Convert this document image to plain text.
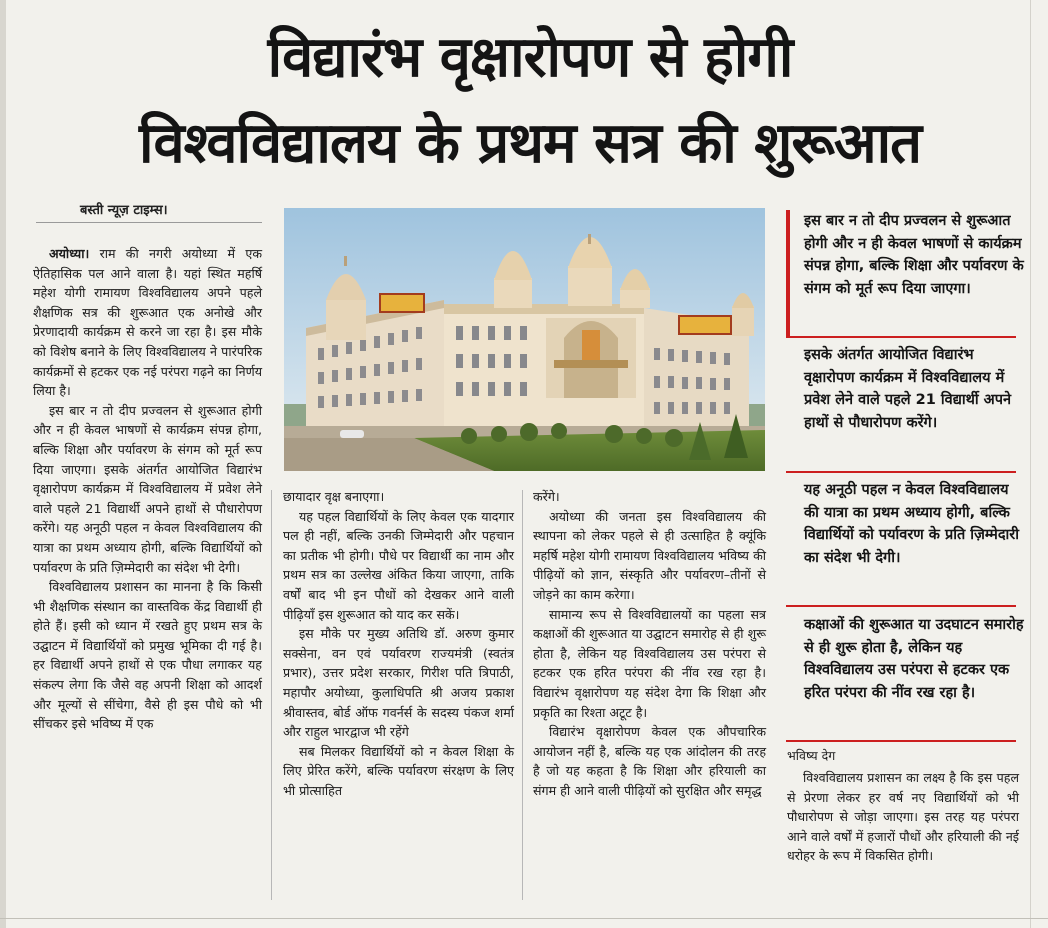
विद्यारंभ वृक्षारोपण से होगी
विश्वविद्यालय के प्रथम सत्र की शुरूआत
बस्ती न्यूज़ टाइम्स।

अयोध्या। राम की नगरी अयोध्या में एक ऐतिहासिक पल आने वाला है। यहां स्थित महर्षि महेश योगी रामायण विश्वविद्यालय अपने पहले शैक्षणिक सत्र की शुरूआत एक अनोखे और प्रेरणादायी कार्यक्रम से करने जा रहा है। इस मौके को विशेष बनाने के लिए विश्वविद्यालय ने पारंपरिक कार्यक्रमों से हटकर एक नई परंपरा गढ़ने का निर्णय लिया है।

इस बार न तो दीप प्रज्वलन से शुरूआत होगी और न ही केवल भाषणों से कार्यक्रम संपन्न होगा, बल्कि शिक्षा और पर्यावरण के संगम को मूर्त रूप दिया जाएगा। इसके अंतर्गत आयोजित विद्यारंभ वृक्षारोपण कार्यक्रम में विश्वविद्यालय में प्रवेश लेने वाले पहले 21 विद्यार्थी अपने हाथों से पौधारोपण करेंगे। यह अनूठी पहल न केवल विश्वविद्यालय की यात्रा का प्रथम अध्याय होगी, बल्कि विद्यार्थियों को पर्यावरण के प्रति ज़िम्मेदारी का संदेश भी देगी।

विश्वविद्यालय प्रशासन का मानना है कि किसी भी शैक्षणिक संस्थान का वास्तविक केंद्र विद्यार्थी ही होते हैं। इसी को ध्यान में रखते हुए प्रथम सत्र के उद्घाटन में विद्यार्थियों को प्रमुख भूमिका दी गई है। हर विद्यार्थी अपने हाथों से एक पौधा लगाकर यह संकल्प लेगा कि जैसे वह अपनी शिक्षा को आदर्श और मूल्यों से सींचेगा, वैसे ही इस पौधे को भी सींचकर इसे भविष्य में एक

छायादार वृक्ष बनाएगा।

यह पहल विद्यार्थियों के लिए केवल एक यादगार पल ही नहीं, बल्कि उनकी जिम्मेदारी और पहचान का प्रतीक भी होगी। पौधे पर विद्यार्थी का नाम और प्रथम सत्र का उल्लेख अंकित किया जाएगा, ताकि वर्षों बाद भी इन पौधों को देखकर आने वाली पीढ़ियाँ इस शुरूआत को याद कर सकें।

इस मौके पर मुख्य अतिथि डॉ. अरुण कुमार सक्सेना, वन एवं पर्यावरण राज्यमंत्री (स्वतंत्र प्रभार), उत्तर प्रदेश सरकार, गिरीश पति त्रिपाठी, महापौर अयोध्या, कुलाधिपति श्री अजय प्रकाश श्रीवास्तव, बोर्ड ऑफ गवर्नर्स के सदस्य पंकज शर्मा और राहुल भारद्वाज भी रहेंगे

सब मिलकर विद्यार्थियों को न केवल शिक्षा के लिए प्रेरित करेंगे, बल्कि पर्यावरण संरक्षण के लिए भी प्रोत्साहित

करेंगे।

अयोध्या की जनता इस विश्वविद्यालय की स्थापना को लेकर पहले से ही उत्साहित है क्यूंकि महर्षि महेश योगी रामायण विश्वविद्यालय भविष्य की पीढ़ियों को ज्ञान, संस्कृति और पर्यावरण–तीनों से जोड़ने का काम करेगा।

सामान्य रूप से विश्वविद्यालयों का पहला सत्र कक्षाओं की शुरूआत या उद्घाटन समारोह से ही शुरू होता है, लेकिन यह विश्वविद्यालय उस परंपरा से हटकर एक हरित परंपरा की नींव रख रहा है। विद्यारंभ वृक्षारोपण यह संदेश देगा कि शिक्षा और प्रकृति का रिश्ता अटूट है।

विद्यारंभ वृक्षारोपण केवल एक औपचारिक आयोजन नहीं है, बल्कि यह एक आंदोलन की तरह है जो यह कहता है कि शिक्षा और हरियाली का संगम ही आने वाली पीढ़ियों को सुरक्षित और समृद्ध

इस बार न तो दीप प्रज्वलन से शुरूआत होगी और न ही केवल भाषणों से कार्यक्रम संपन्न होगा, बल्कि शिक्षा और पर्यावरण के संगम को मूर्त रूप दिया जाएगा।
इसके अंतर्गत आयोजित विद्यारंभ वृक्षारोपण कार्यक्रम में विश्वविद्यालय में प्रवेश लेने वाले पहले 21 विद्यार्थी अपने हाथों से पौधारोपण करेंगे।
यह अनूठी पहल न केवल विश्वविद्यालय की यात्रा का प्रथम अध्याय होगी, बल्कि विद्यार्थियों को पर्यावरण के प्रति ज़िम्मेदारी का संदेश भी देगी।
कक्षाओं की शुरूआत या उदघाटन समारोह से ही शुरू होता है, लेकिन यह विश्वविद्यालय उस परंपरा से हटकर एक हरित परंपरा की नींव रख रहा है।
भविष्य देग

विश्वविद्यालय प्रशासन का लक्ष्य है कि इस पहल से प्रेरणा लेकर हर वर्ष नए विद्यार्थियों को भी पौधारोपण से जोड़ा जाएगा। इस तरह यह परंपरा आने वाले वर्षों में हजारों पौधों और हरियाली की नई धरोहर के रूप में विकसित होगी।
